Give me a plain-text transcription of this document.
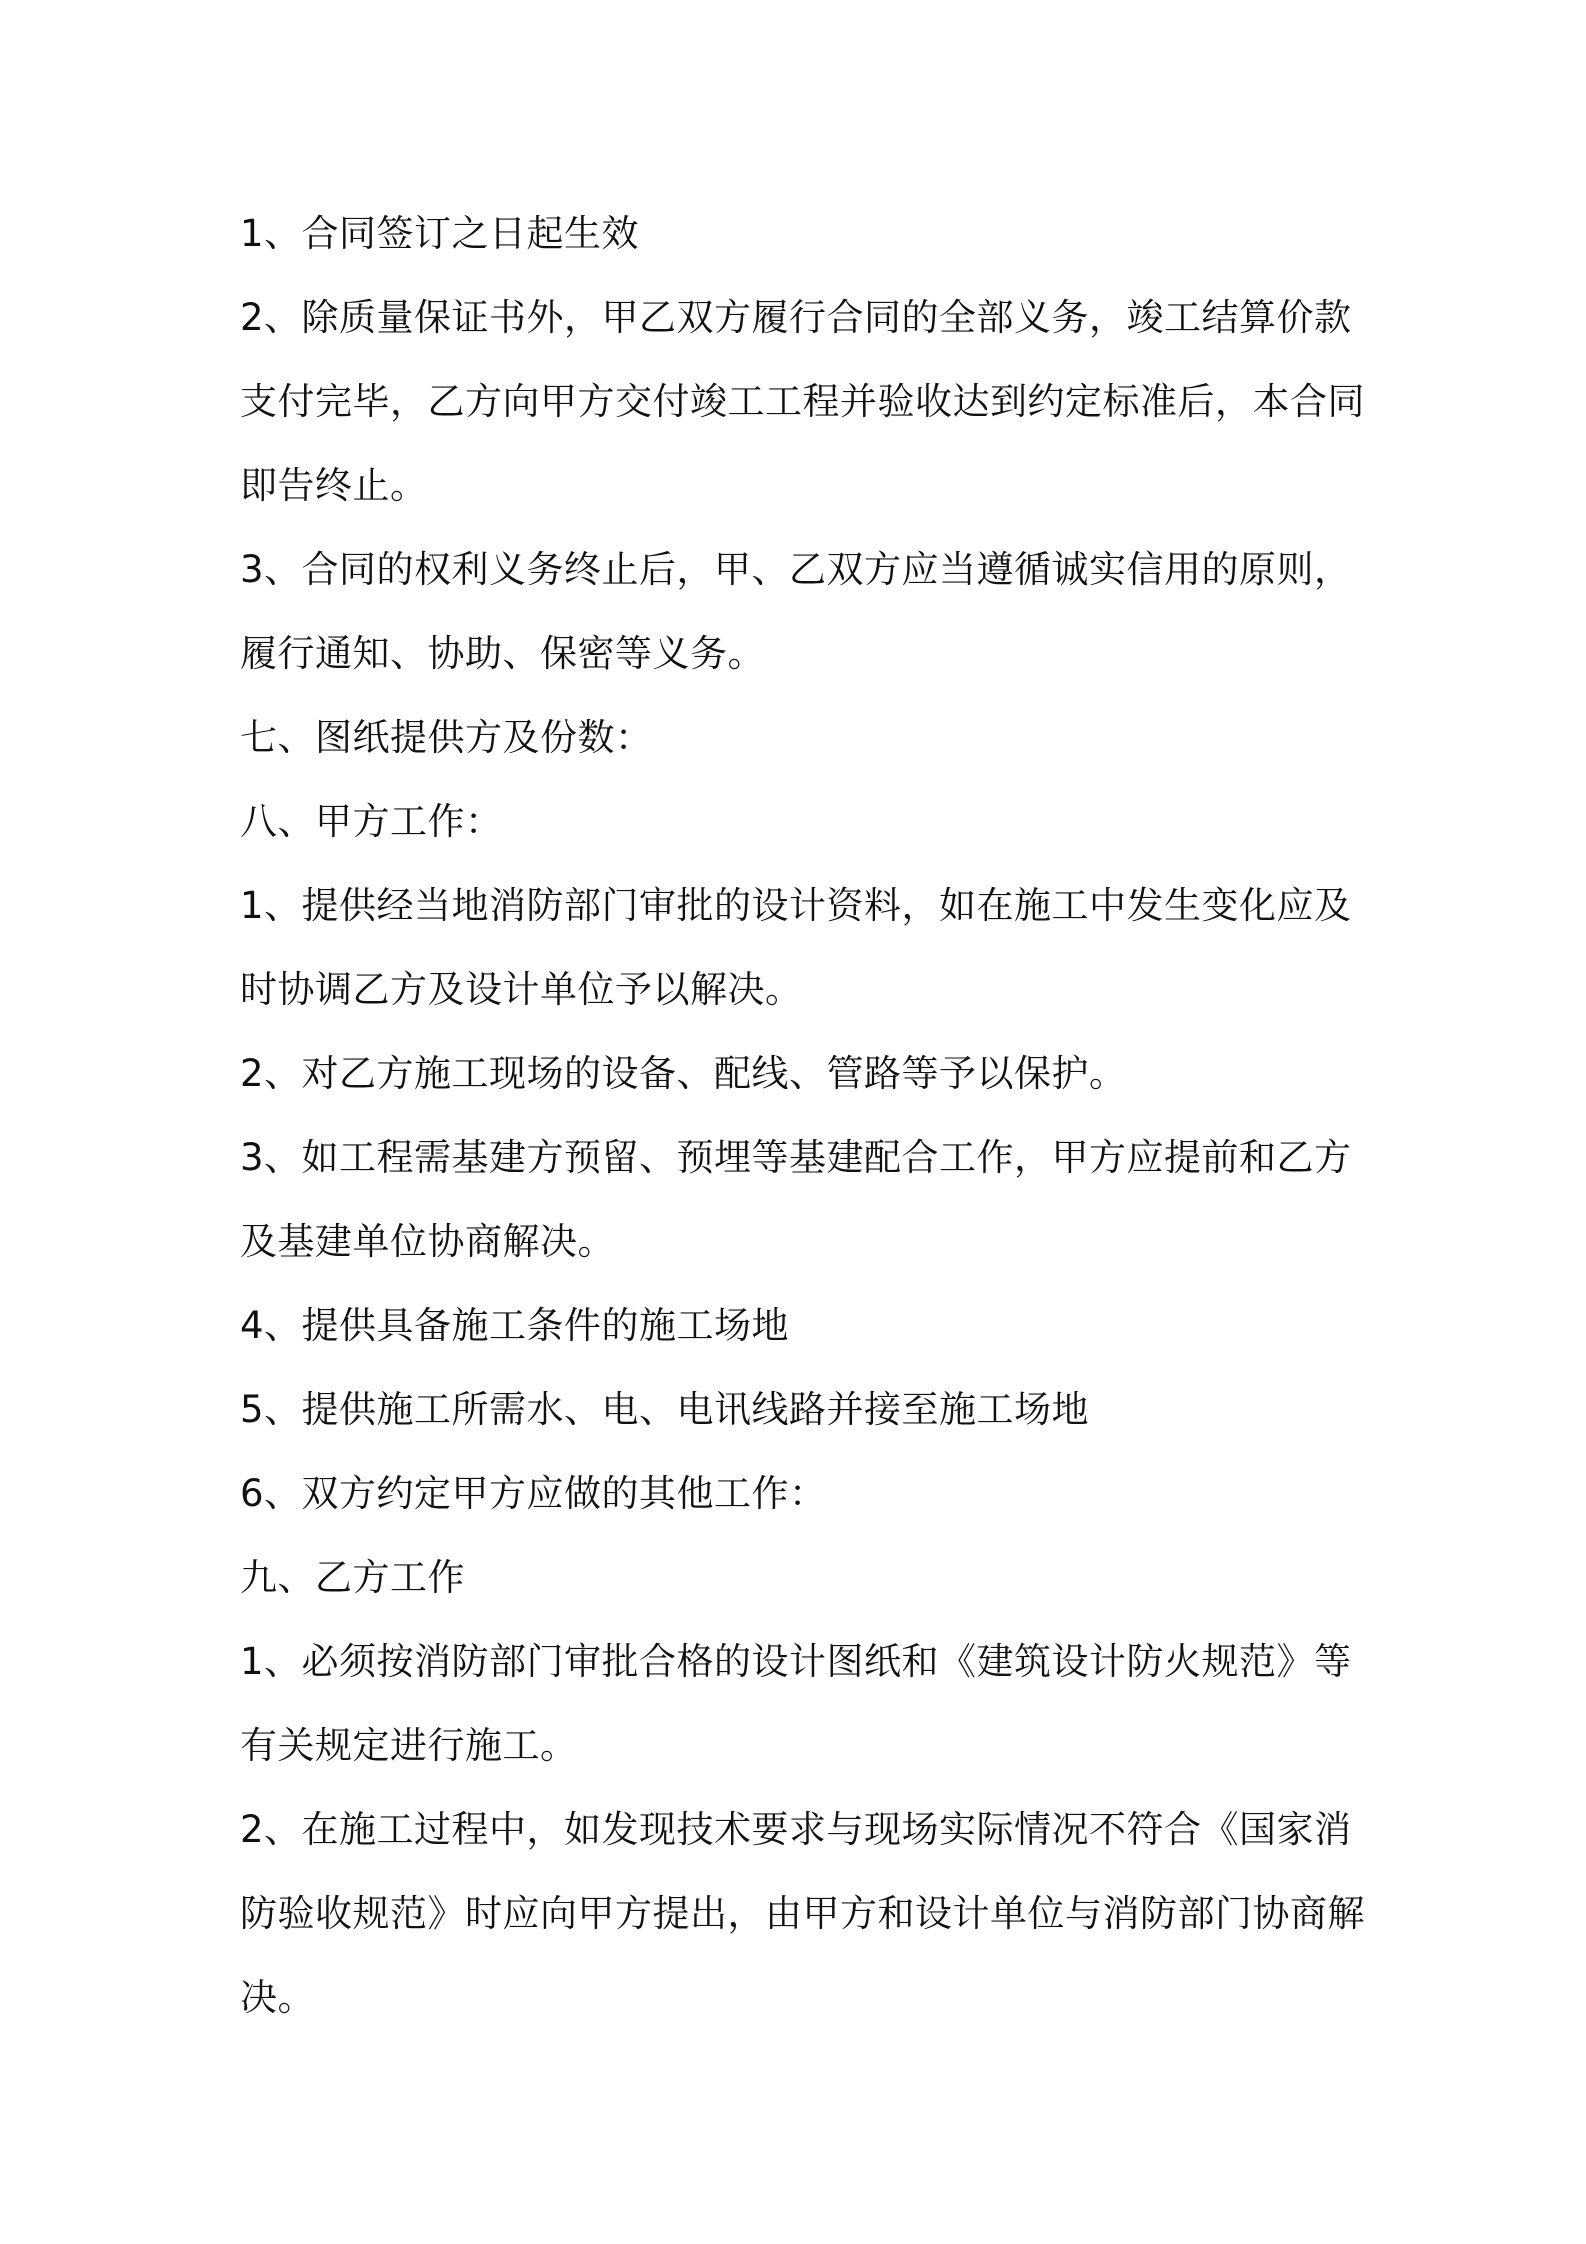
1、合同签订之日起生效
2、除质量保证书外，甲乙双方履行合同的全部义务，竣工结算价款
支付完毕，乙方向甲方交付竣工工程并验收达到约定标准后，本合同
即告终止。
3、合同的权利义务终止后，甲、乙双方应当遵循诚实信用的原则，
履行通知、协助、保密等义务。
七、图纸提供方及份数：
八、甲方工作：
1、提供经当地消防部门审批的设计资料，如在施工中发生变化应及
时协调乙方及设计单位予以解决。
2、对乙方施工现场的设备、配线、管路等予以保护。
3、如工程需基建方预留、预埋等基建配合工作，甲方应提前和乙方
及基建单位协商解决。
4、提供具备施工条件的施工场地
5、提供施工所需水、电、电讯线路并接至施工场地
6、双方约定甲方应做的其他工作：
九、乙方工作
1、必须按消防部门审批合格的设计图纸和《建筑设计防火规范》等
有关规定进行施工。
2、在施工过程中，如发现技术要求与现场实际情况不符合《国家消
防验收规范》时应向甲方提出，由甲方和设计单位与消防部门协商解
决。
